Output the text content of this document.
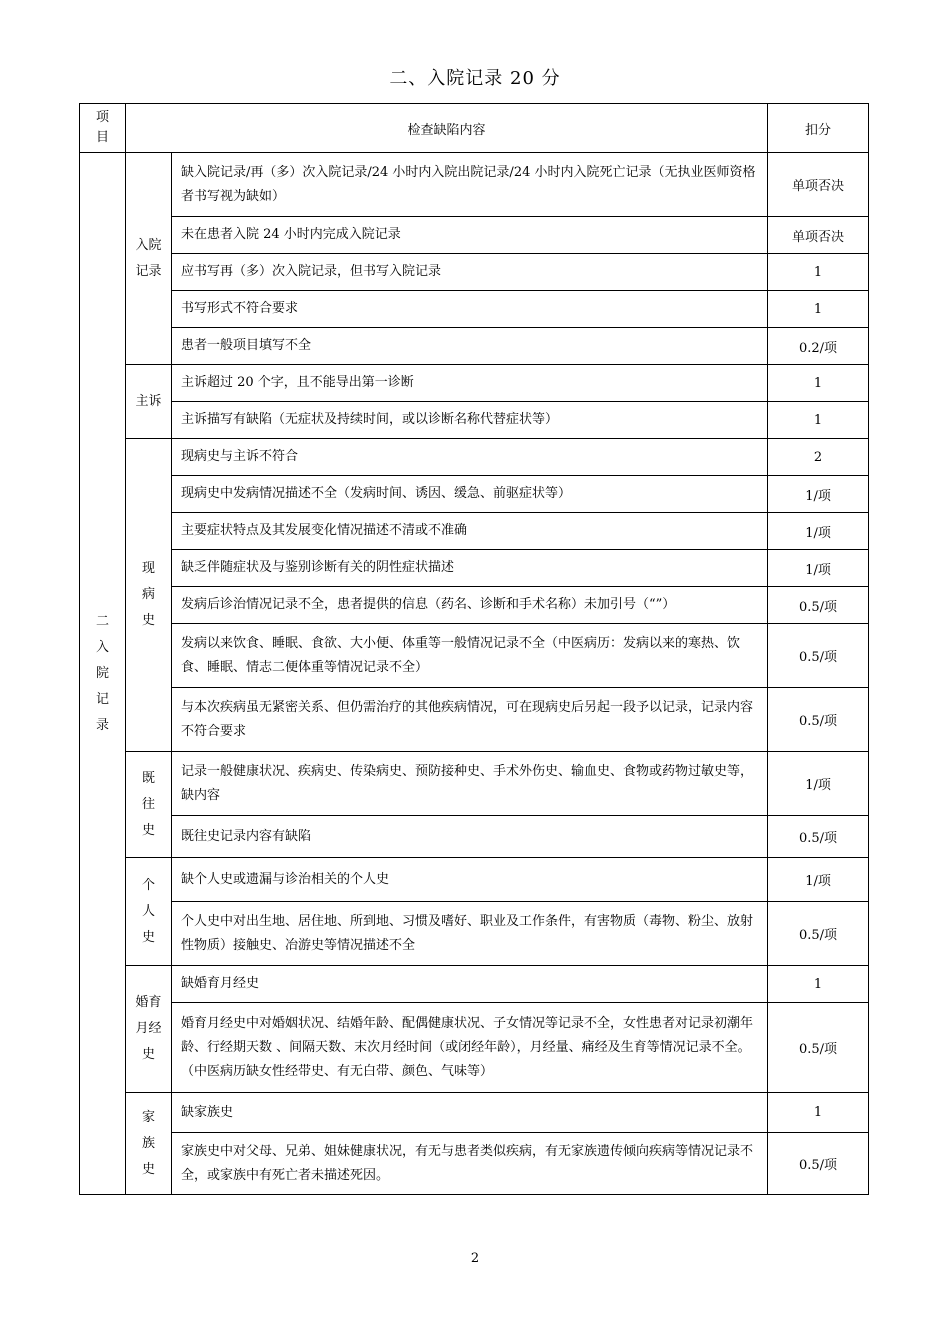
二、入院记录 20 分
项目	检查缺陷内容		扣分
二入院记录	入院记录	缺入院记录/再（多）次入院记录/24 小时内入院出院记录/24 小时内入院死亡记录（无执业医师资格者书写视为缺如）	单项否决
		未在患者入院 24 小时内完成入院记录	单项否决
		应书写再（多）次入院记录，但书写入院记录	1
		书写形式不符合要求	1
		患者一般项目填写不全	0.2/项
	主诉	主诉超过 20 个字，且不能导出第一诊断	1
		主诉描写有缺陷（无症状及持续时间，或以诊断名称代替症状等）	1
	现病史	现病史与主诉不符合	2
		现病史中发病情况描述不全（发病时间、诱因、缓急、前驱症状等）	1/项
		主要症状特点及其发展变化情况描述不清或不准确	1/项
		缺乏伴随症状及与鉴别诊断有关的阴性症状描述	1/项
		发病后诊治情况记录不全，患者提供的信息（药名、诊断和手术名称）未加引号（“”）	0.5/项
		发病以来饮食、睡眠、食欲、大小便、体重等一般情况记录不全（中医病历：发病以来的寒热、饮食、睡眠、情志二便体重等情况记录不全）	0.5/项
		与本次疾病虽无紧密关系、但仍需治疗的其他疾病情况，可在现病史后另起一段予以记录，记录内容不符合要求	0.5/项
	既往史	记录一般健康状况、疾病史、传染病史、预防接种史、手术外伤史、输血史、食物或药物过敏史等，缺内容	1/项
		既往史记录内容有缺陷	0.5/项
	个人史	缺个人史或遗漏与诊治相关的个人史	1/项
		个人史中对出生地、居住地、所到地、习惯及嗜好、职业及工作条件，有害物质（毒物、粉尘、放射性物质）接触史、冶游史等情况描述不全	0.5/项
	婚育月经史	缺婚育月经史	1
		婚育月经史中对婚姻状况、结婚年龄、配偶健康状况、子女情况等记录不全，女性患者对记录初潮年龄、行经期天数 、间隔天数、末次月经时间（或闭经年龄），月经量、痛经及生育等情况记录不全。（中医病历缺女性经带史、有无白带、颜色、气味等）	0.5/项
	家族史	缺家族史	1
		家族史中对父母、兄弟、姐妹健康状况，有无与患者类似疾病，有无家族遗传倾向疾病等情况记录不全，或家族中有死亡者未描述死因。	0.5/项
2
